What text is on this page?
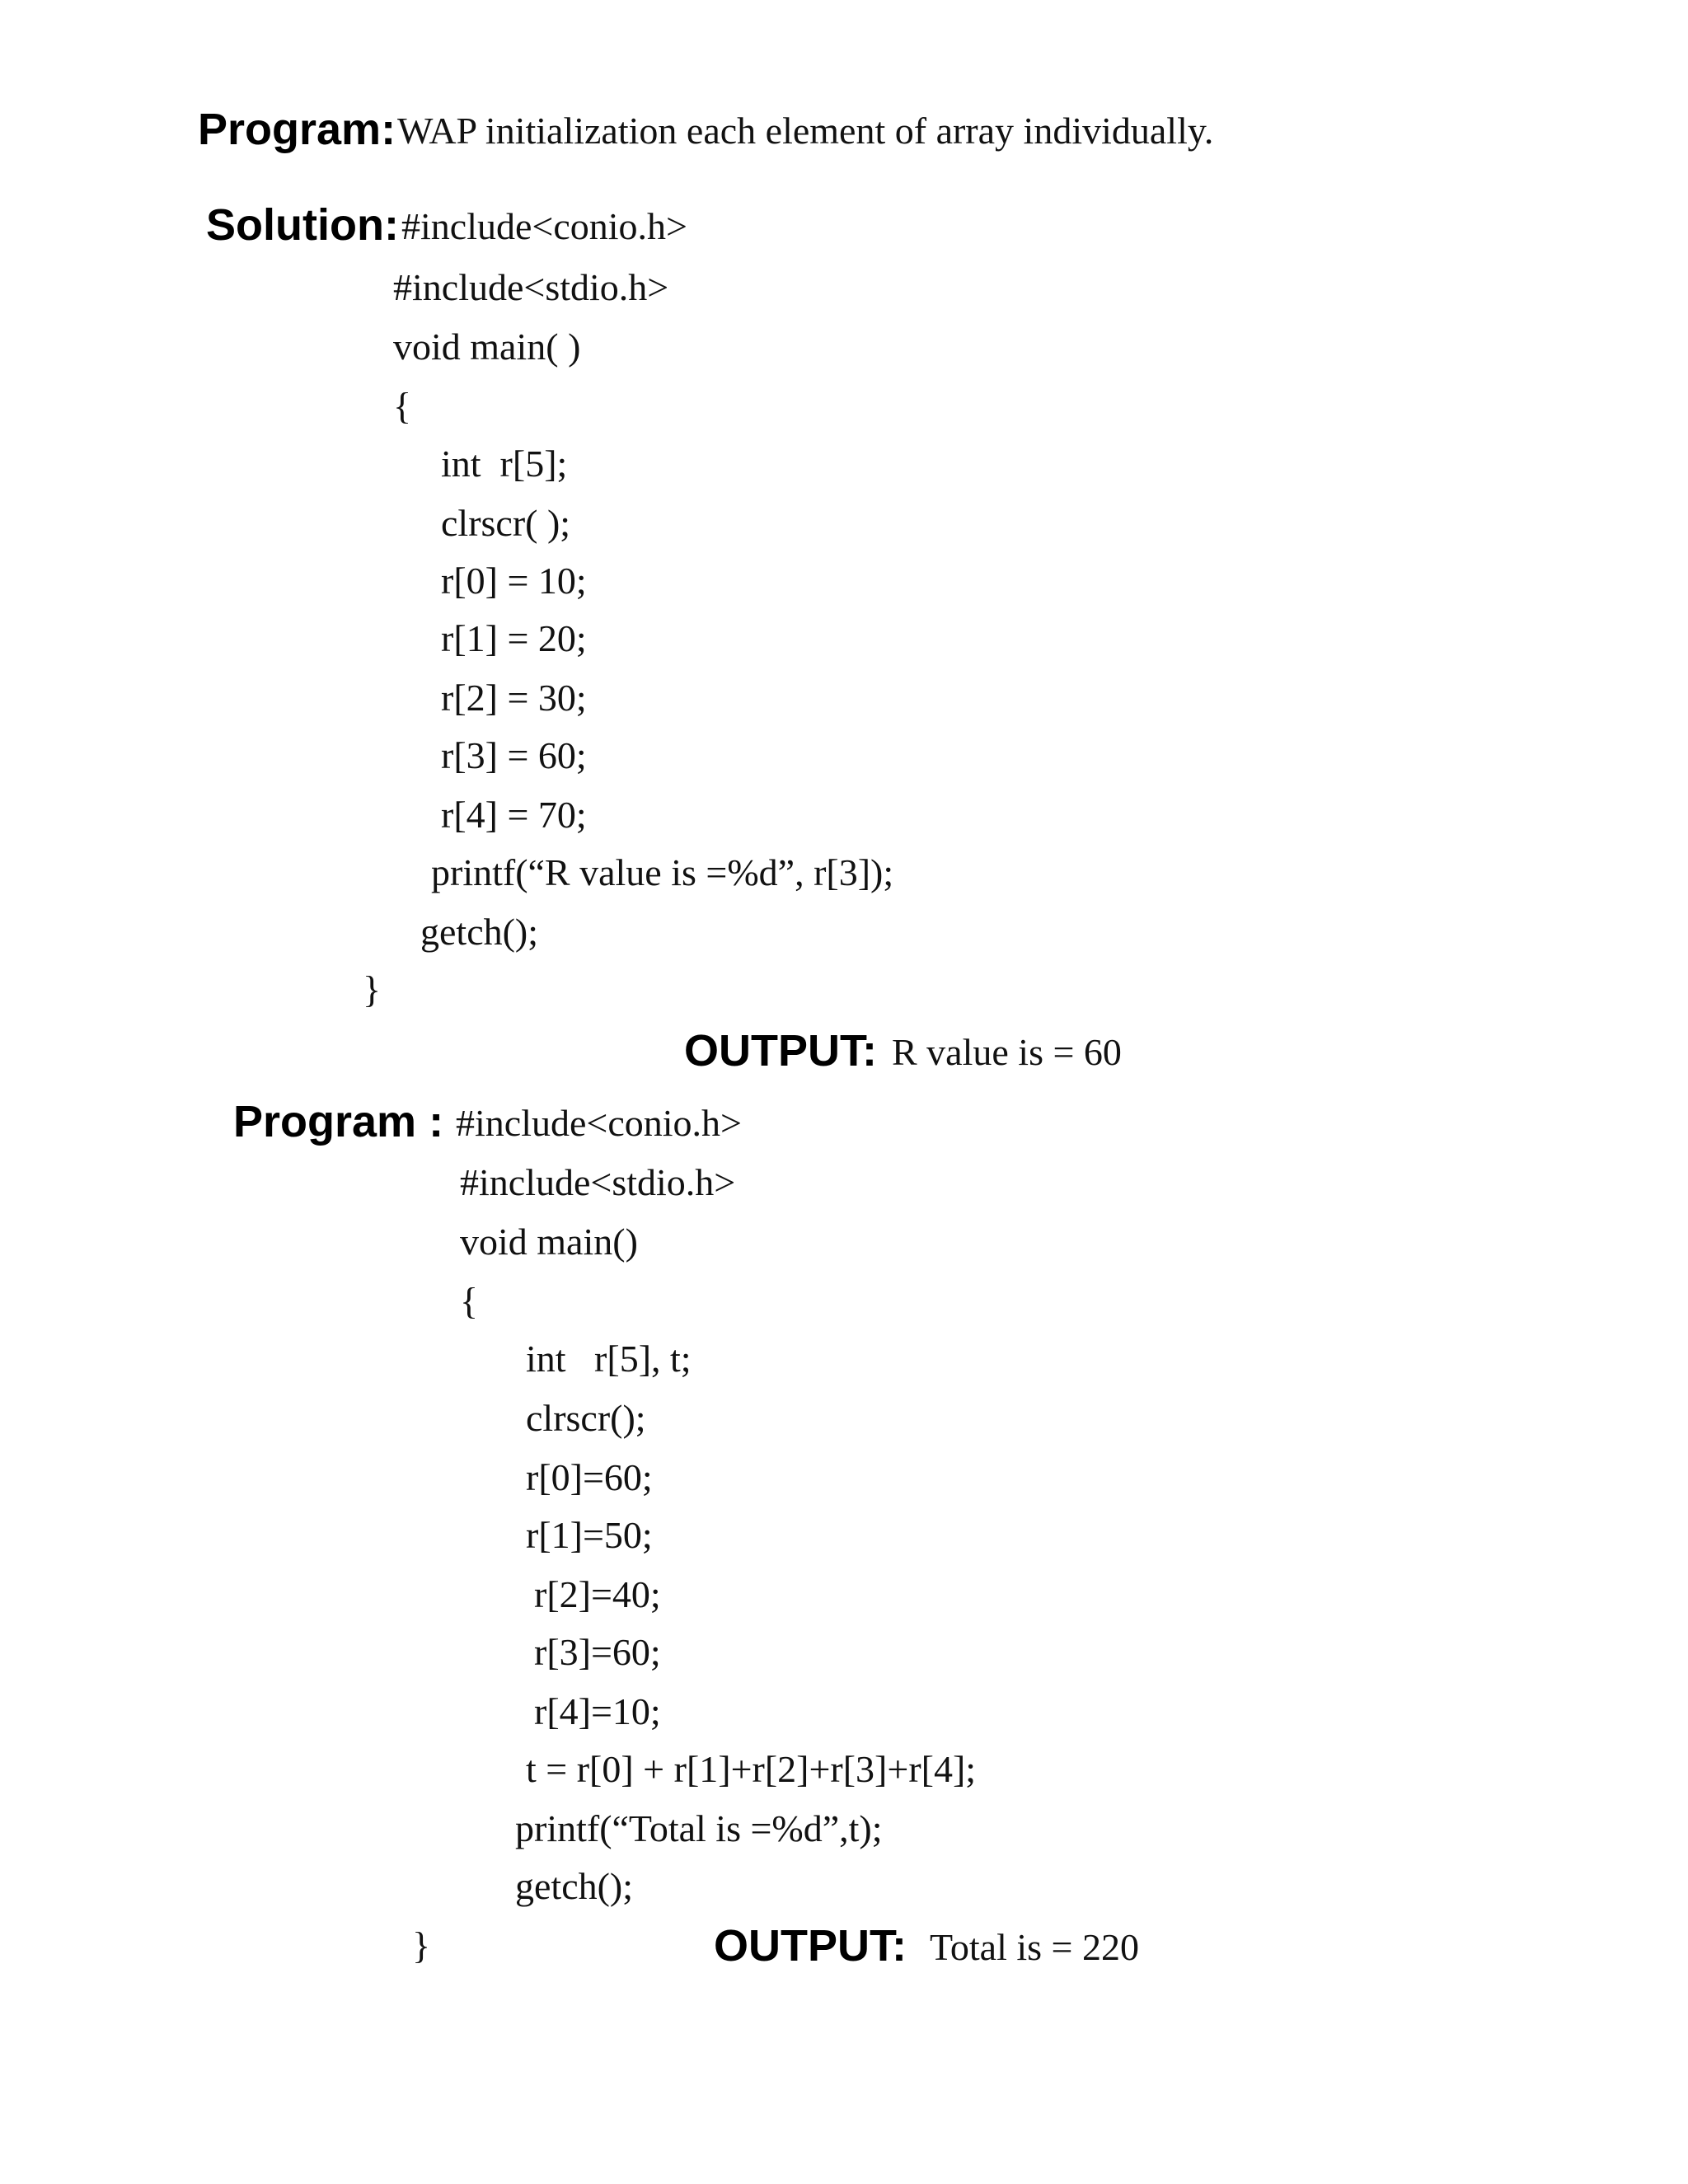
Program: WAP initialization each element of array individually.
Solution: #include<conio.h>
#include<stdio.h>
void main( )
{
int  r[5];
clrscr( );
r[0] = 10;
r[1] = 20;
r[2] = 30;
r[3] = 60;
r[4] = 70;
printf(“R value is =%d”, r[3]);
getch();
}
OUTPUT: R value is = 60
Program : #include<conio.h>
#include<stdio.h>
void main()
{
int   r[5], t;
clrscr();
r[0]=60;
r[1]=50;
r[2]=40;
r[3]=60;
r[4]=10;
t = r[0] + r[1]+r[2]+r[3]+r[4];
printf(“Total is =%d”,t);
getch();
}	OUTPUT: Total is = 220
